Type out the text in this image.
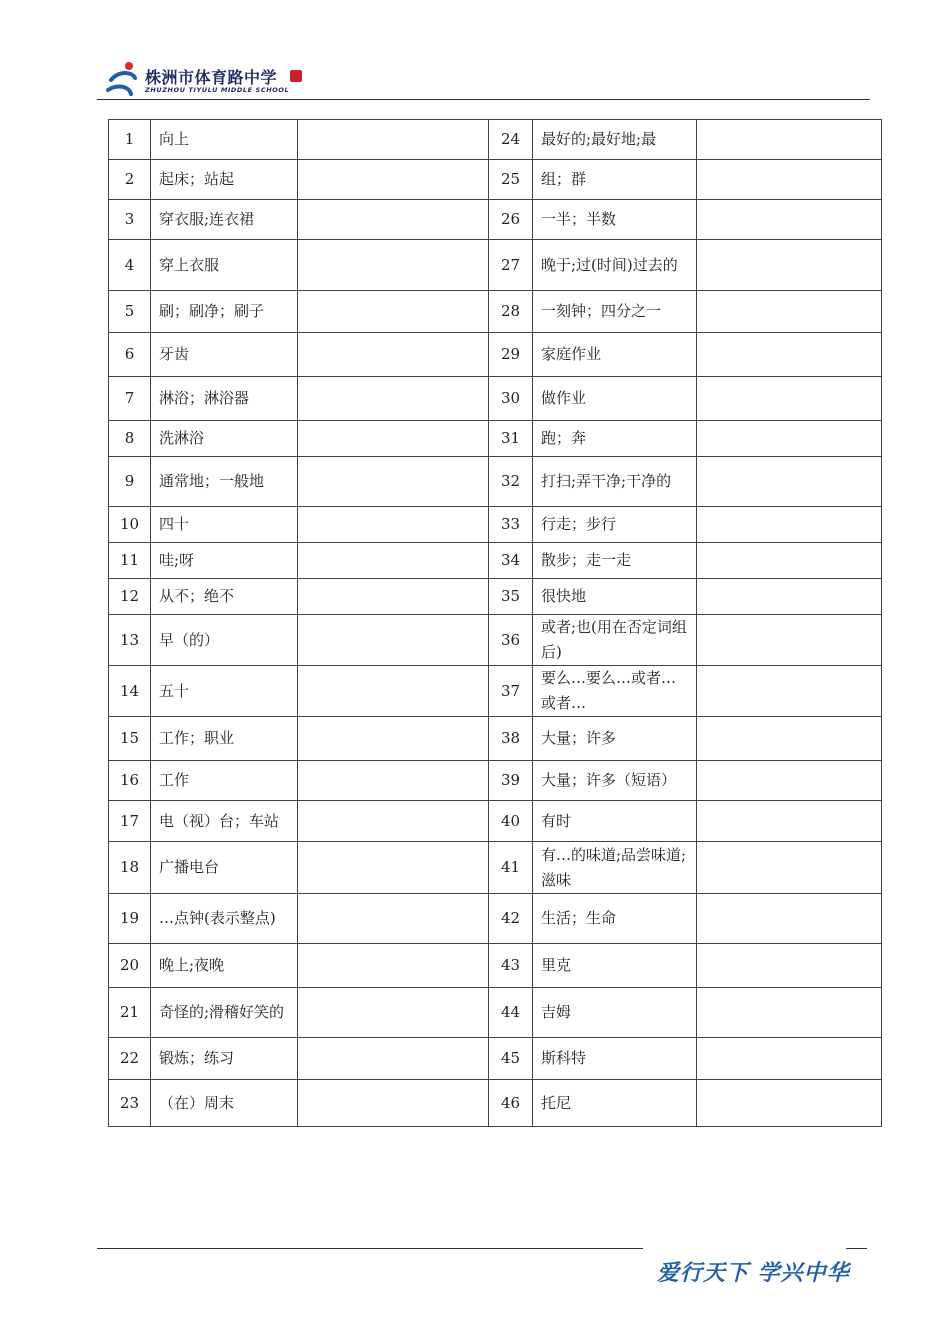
株洲市体育路中学
ZHUZHOU TIYULU MIDDLE SCHOOL
1	向上		24	最好的;最好地;最	
2	起床；站起		25	组；群	
3	穿衣服;连衣裙		26	一半；半数	
4	穿上衣服		27	晚于;过(时间)过去的	
5	刷；刷净；刷子		28	一刻钟；四分之一	
6	牙齿		29	家庭作业	
7	淋浴；淋浴器		30	做作业	
8	洗淋浴		31	跑；奔	
9	通常地；一般地		32	打扫;弄干净;干净的	
10	四十		33	行走；步行	
11	哇;呀		34	散步；走一走	
12	从不；绝不		35	很快地	
13	早（的）		36	或者;也(用在否定词组后)	
14	五十		37	要么…要么…或者…或者…	
15	工作；职业		38	大量；许多	
16	工作		39	大量；许多（短语）	
17	电（视）台；车站		40	有时	
18	广播电台		41	有…的味道;品尝味道;滋味	
19	…点钟(表示整点)		42	生活；生命	
20	晚上;夜晚		43	里克	
21	奇怪的;滑稽好笑的		44	吉姆	
22	锻炼；练习		45	斯科特	
23	（在）周末		46	托尼	
爱行天下 学兴中华
